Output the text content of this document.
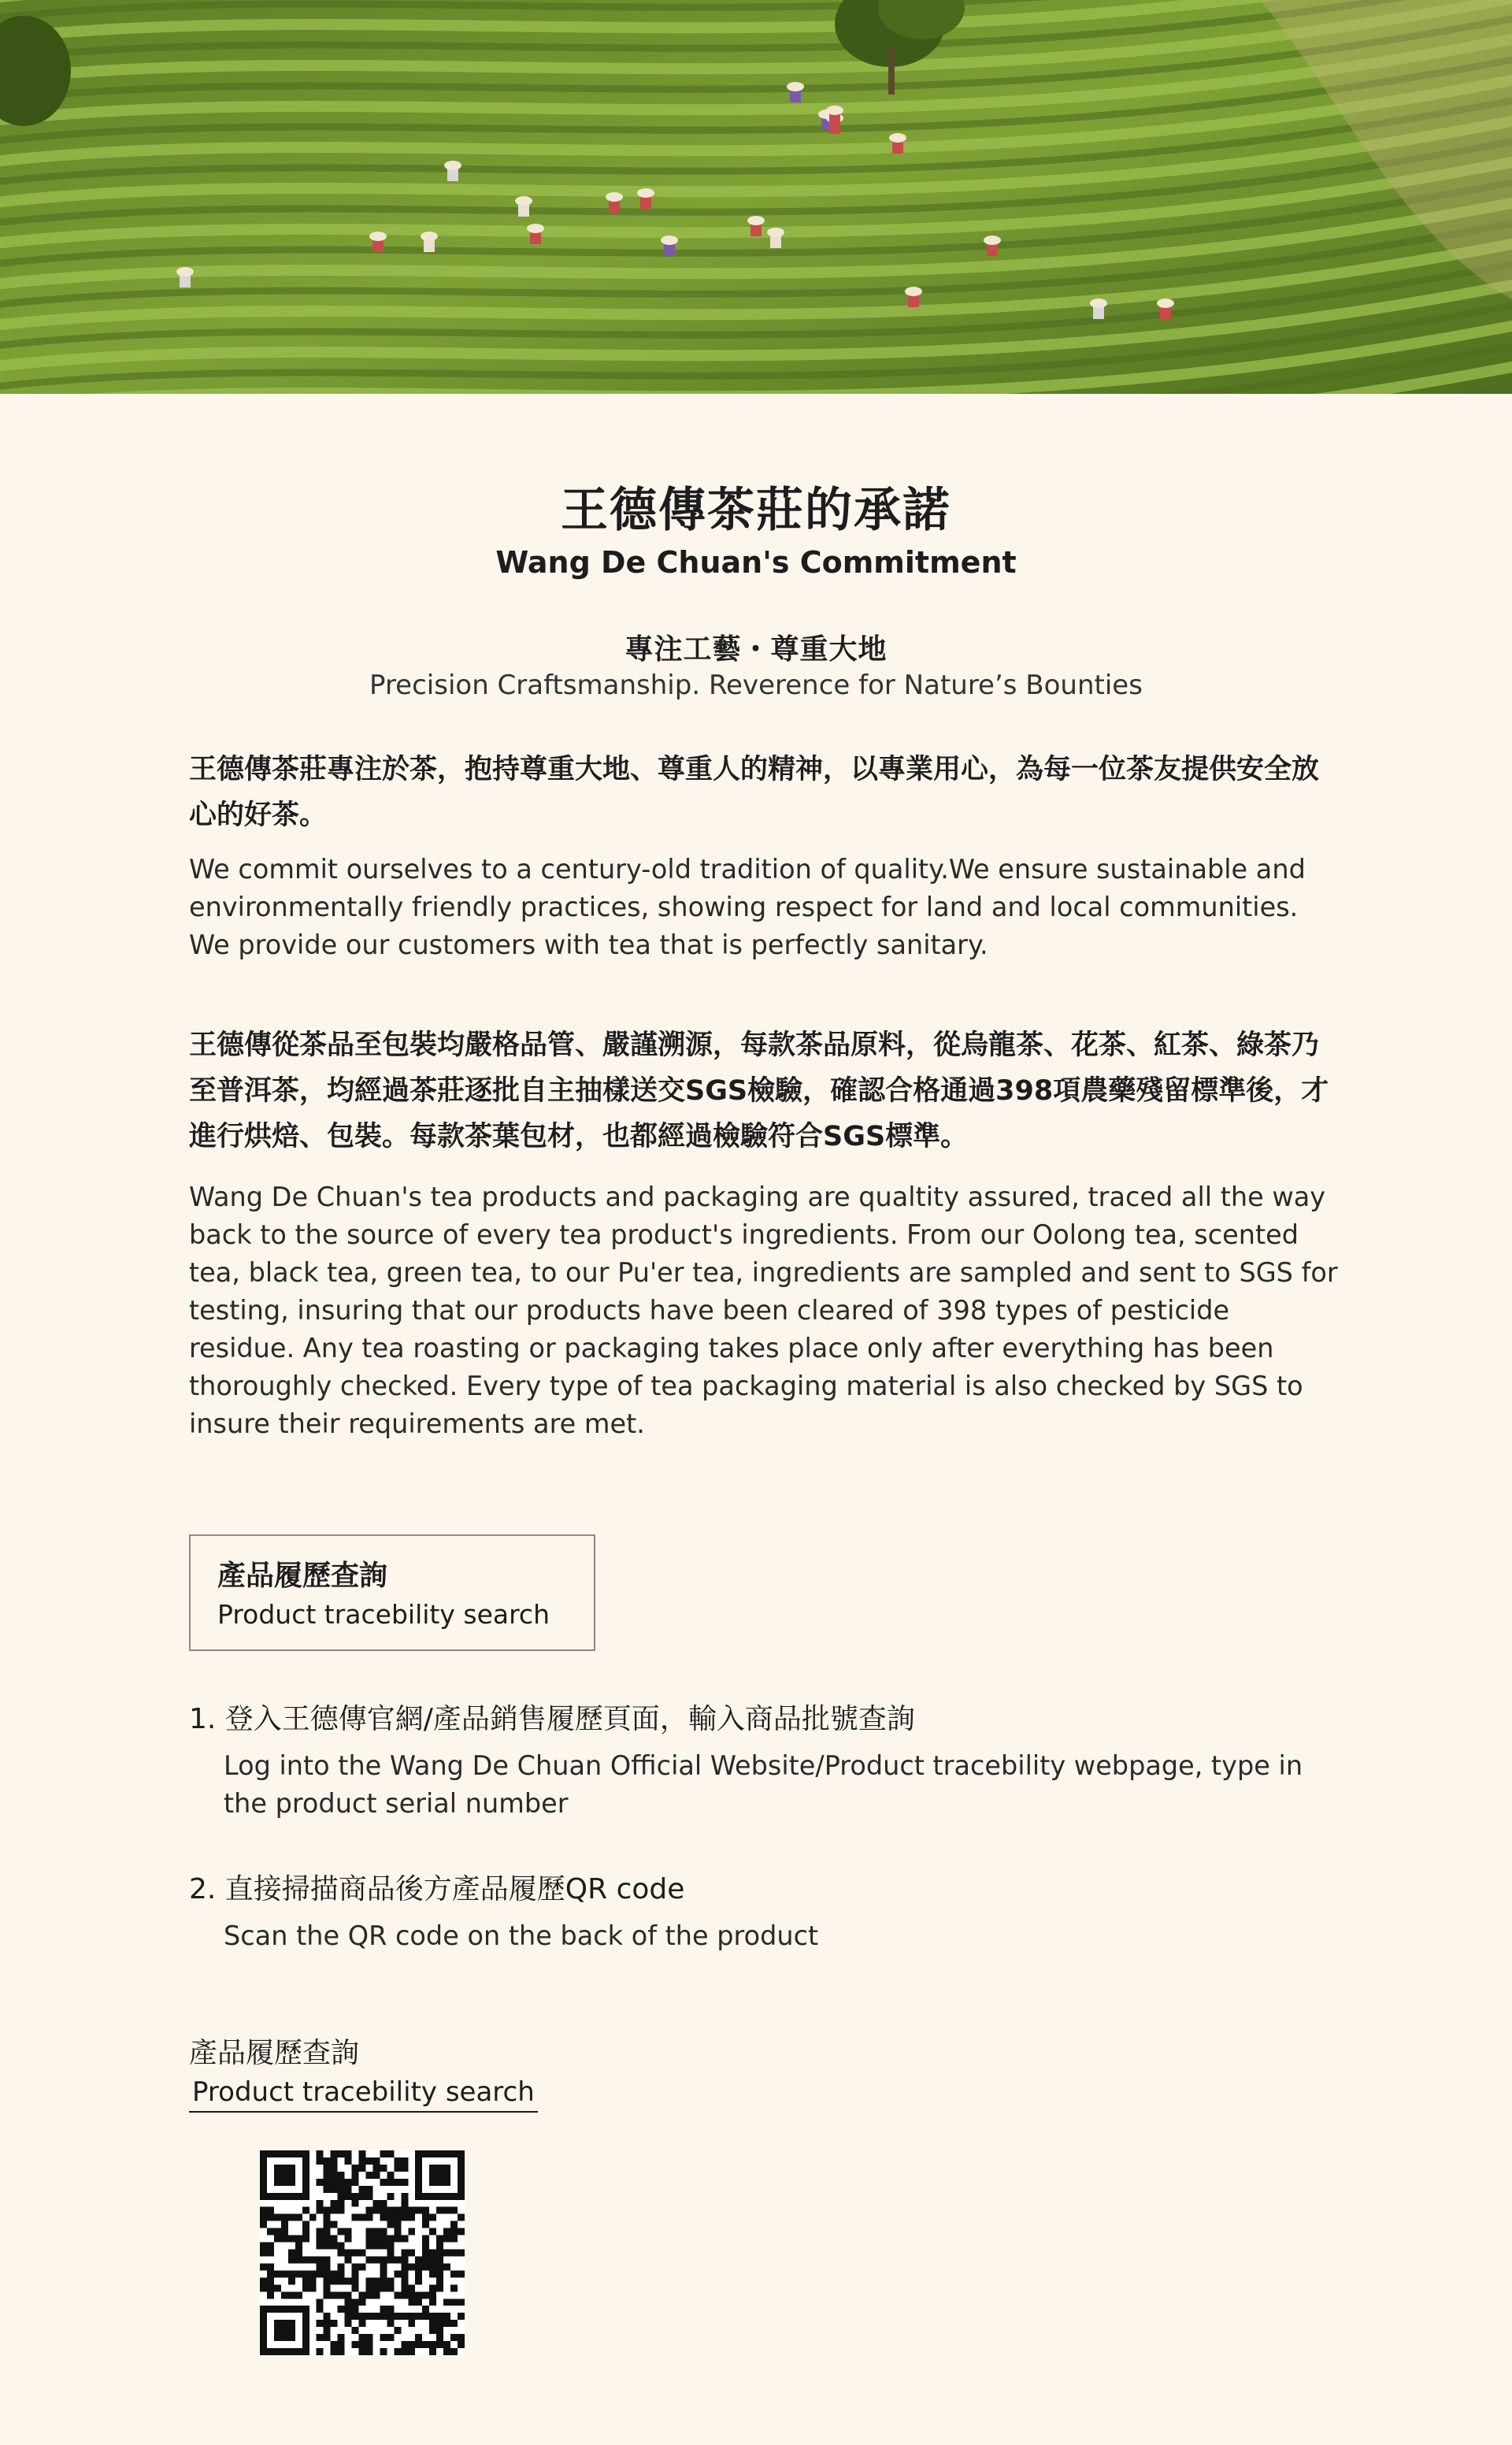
王德傳茶莊的承諾
Wang De Chuan's Commitment
專注工藝・尊重大地
Precision Craftsmanship. Reverence for Nature’s Bounties
王德傳茶莊專注於茶，抱持尊重大地、尊重人的精神，以專業用心，為每一位茶友提供安全放心的好茶。
We commit ourselves to a century-old tradition of quality.We ensure sustainable and environmentally friendly practices, showing respect for land and local communities. We provide our customers with tea that is perfectly sanitary.
王德傳從茶品至包裝均嚴格品管、嚴謹溯源，每款茶品原料，從烏龍茶、花茶、紅茶、綠茶乃至普洱茶，均經過茶莊逐批自主抽樣送交SGS檢驗，確認合格通過398項農藥殘留標準後，才進行烘焙、包裝。每款茶葉包材，也都經過檢驗符合SGS標準。
Wang De Chuan's tea products and packaging are qualtity assured, traced all the way back to the source of every tea product's ingredients. From our Oolong tea, scented tea, black tea, green tea, to our Pu'er tea, ingredients are sampled and sent to SGS for testing, insuring that our products have been cleared of 398 types of pesticide residue. Any tea roasting or packaging takes place only after everything has been thoroughly checked. Every type of tea packaging material is also checked by SGS to insure their requirements are met.
產品履歷查詢
Product tracebility search
1. 登入王德傳官網/產品銷售履歷頁面，輸入商品批號查詢
Log into the Wang De Chuan Official Website/Product tracebility webpage, type in the product serial number
2. 直接掃描商品後方產品履歷QR code
Scan the QR code on the back of the product
產品履歷查詢
Product tracebility search
